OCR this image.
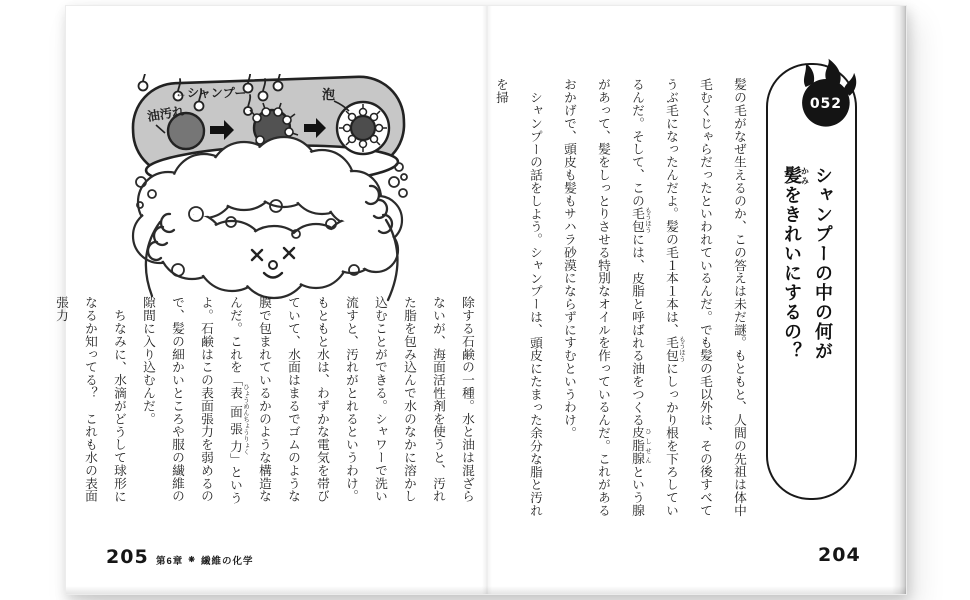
油汚れ
←シャンプー	泡

除する石鹸の一種。水と油は混ざらないが、海面活性剤を使うと、汚れた脂を包み込んで水のなかに溶かし込むことができる。シャワーで洗い流すと、汚れがとれるというわけ。もともと水は、わずかな電気を帯びていて、水面はまるでゴムのような膜で包まれているかのような構造なんだ。これを「表 ひょう面張力 めんちょうりょく」というよ。石鹸はこの表面張力を弱めるので、髪の細かいところや服の繊維の隙間に入り込むんだ。

ちなみに、水滴がどうして球形になるか知ってる？　これも水の表面張力

205 第6章 ❋ 繊維の化学
シャンプーの中の何が
髪かみをきれいにするの？
052

髪の毛がなぜ生えるのか、この答えは未だ謎。もともと、人間の先祖は体中毛むくじゃらだったといわれているんだ。でも髪の毛以外は、その後すべてうぶ毛になったんだよ。髪の毛１本１本は、毛包 もうほうにしっかり根を下ろしているんだ。そして、この毛包 もうほうには、皮脂と呼ばれる油をつくる皮脂腺 ひしせんという腺があって、髪をしっとりさせる特別なオイルを作っているんだ。これがあるおかげで、頭皮も髪もサハラ砂漠にならずにすむというわけ。

シャンプーの話をしよう。シャンプーは、頭皮にたまった余分な脂と汚れを掃

204
